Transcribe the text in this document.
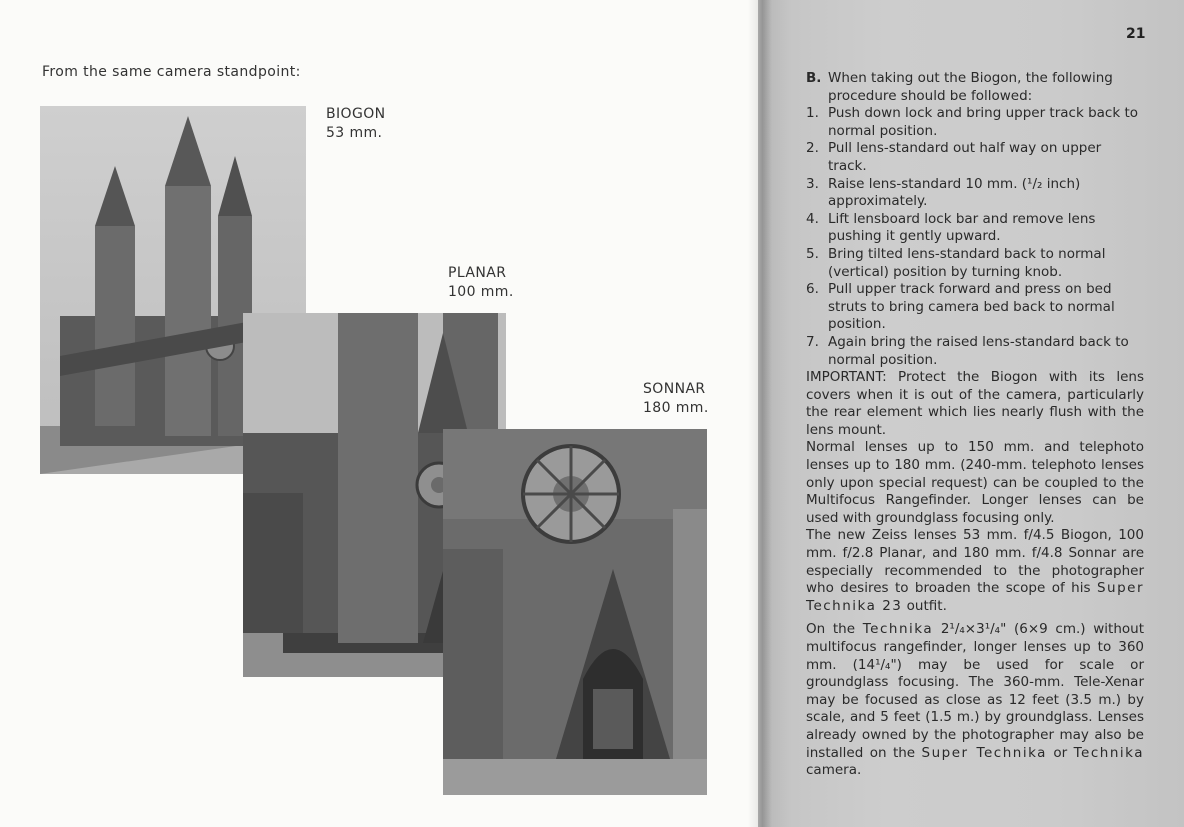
From the same camera standpoint:
BIOGON
53 mm.
PLANAR
100 mm.
SONNAR
180 mm.
21
B. When taking out the Biogon, the following procedure should be followed:
1. Push down lock and bring upper track back to normal position.
2. Pull lens-standard out half way on upper track.
3. Raise lens-standard 10 mm. (¹/₂ inch) approximately.
4. Lift lensboard lock bar and remove lens pushing it gently upward.
5. Bring tilted lens-standard back to normal (vertical) position by turning knob.
6. Pull upper track forward and press on bed struts to bring camera bed back to normal position.
7. Again bring the raised lens-standard back to normal position.

IMPORTANT: Protect the Biogon with its lens covers when it is out of the camera, particularly the rear element which lies nearly flush with the lens mount.

Normal lenses up to 150 mm. and telephoto lenses up to 180 mm. (240-mm. telephoto lenses only upon special request) can be coupled to the Multifocus Rangefinder. Longer lenses can be used with groundglass focusing only.

The new Zeiss lenses 53 mm. f/4.5 Biogon, 100 mm. f/2.8 Planar, and 180 mm. f/4.8 Sonnar are especially recommended to the photographer who desires to broaden the scope of his Super Technika 23 outfit.

On the Technika 2¹/₄×3¹/₄" (6×9 cm.) without multifocus rangefinder, longer lenses up to 360 mm. (14¹/₄") may be used for scale or groundglass focusing. The 360-mm. Tele-Xenar may be focused as close as 12 feet (3.5 m.) by scale, and 5 feet (1.5 m.) by groundglass. Lenses already owned by the photographer may also be installed on the Super Technika or Technika camera.
